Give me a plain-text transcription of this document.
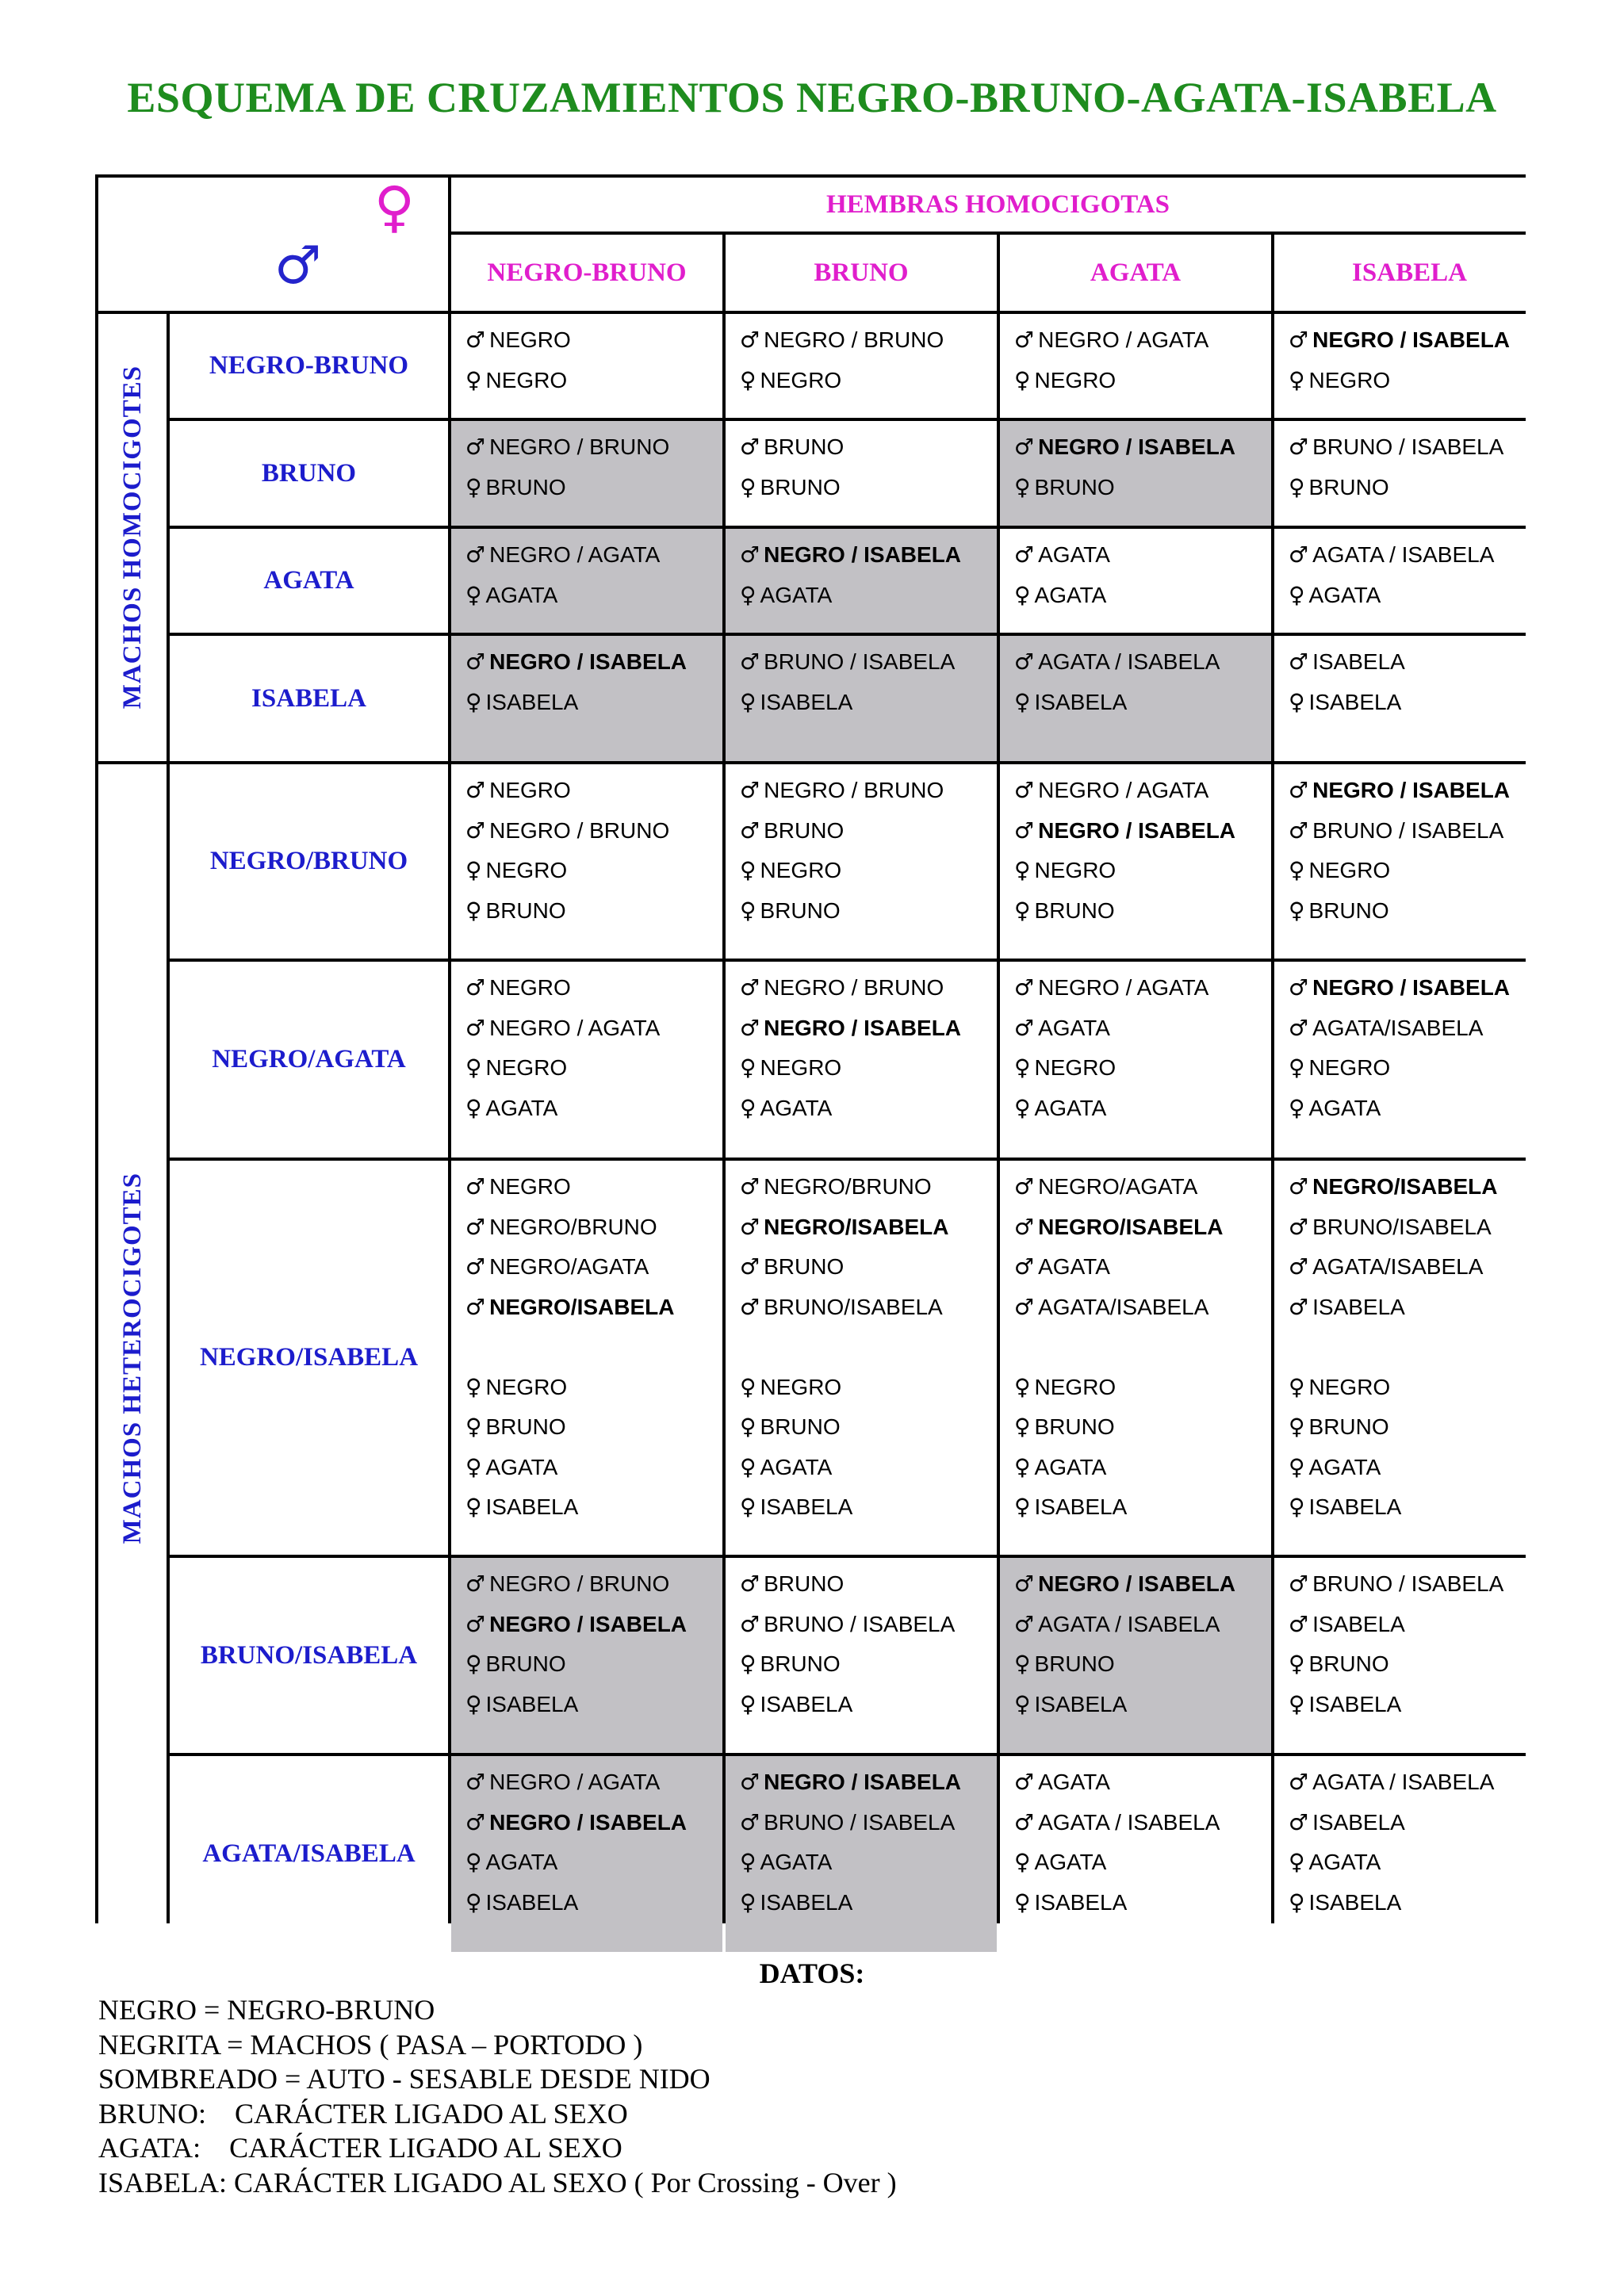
ESQUEMA DE CRUZAMIENTOS NEGRO-BRUNO-AGATA-ISABELA
♀
♂
HEMBRAS HOMOCIGOTAS
NEGRO-BRUNO	BRUNO	AGATA	ISABELA
MACHOS HOMOCIGOTES
MACHOS HETEROCIGOTES
NEGRO-BRUNO
♂ NEGRO
♀ NEGRO
♂ NEGRO / BRUNO
♀ NEGRO
♂ NEGRO / AGATA
♀ NEGRO
♂ NEGRO / ISABELA
♀ NEGRO
BRUNO
♂ NEGRO / BRUNO
♀ BRUNO
♂ BRUNO
♀ BRUNO
♂ NEGRO / ISABELA
♀ BRUNO
♂ BRUNO / ISABELA
♀ BRUNO
AGATA
♂ NEGRO / AGATA
♀ AGATA
♂ NEGRO / ISABELA
♀ AGATA
♂ AGATA
♀ AGATA
♂ AGATA / ISABELA
♀ AGATA
ISABELA
♂ NEGRO / ISABELA
♀ ISABELA
♂ BRUNO / ISABELA
♀ ISABELA
♂ AGATA / ISABELA
♀ ISABELA
♂ ISABELA
♀ ISABELA
NEGRO/BRUNO
♂ NEGRO
♂ NEGRO / BRUNO
♀ NEGRO
♀ BRUNO
♂ NEGRO / BRUNO
♂ BRUNO
♀ NEGRO
♀ BRUNO
♂ NEGRO / AGATA
♂ NEGRO / ISABELA
♀ NEGRO
♀ BRUNO
♂ NEGRO / ISABELA
♂ BRUNO / ISABELA
♀ NEGRO
♀ BRUNO
NEGRO/AGATA
♂ NEGRO
♂ NEGRO / AGATA
♀ NEGRO
♀ AGATA
♂ NEGRO / BRUNO
♂ NEGRO / ISABELA
♀ NEGRO
♀ AGATA
♂ NEGRO / AGATA
♂ AGATA
♀ NEGRO
♀ AGATA
♂ NEGRO / ISABELA
♂ AGATA/ISABELA
♀ NEGRO
♀ AGATA
NEGRO/ISABELA
♂ NEGRO
♂ NEGRO/BRUNO
♂ NEGRO/AGATA
♂ NEGRO/ISABELA
♀ NEGRO
♀ BRUNO
♀ AGATA
♀ ISABELA
♂ NEGRO/BRUNO
♂ NEGRO/ISABELA
♂ BRUNO
♂ BRUNO/ISABELA
♀ NEGRO
♀ BRUNO
♀ AGATA
♀ ISABELA
♂ NEGRO/AGATA
♂ NEGRO/ISABELA
♂ AGATA
♂ AGATA/ISABELA
♀ NEGRO
♀ BRUNO
♀ AGATA
♀ ISABELA
♂ NEGRO/ISABELA
♂ BRUNO/ISABELA
♂ AGATA/ISABELA
♂ ISABELA
♀ NEGRO
♀ BRUNO
♀ AGATA
♀ ISABELA
BRUNO/ISABELA
♂ NEGRO / BRUNO
♂ NEGRO / ISABELA
♀ BRUNO
♀ ISABELA
♂ BRUNO
♂ BRUNO / ISABELA
♀ BRUNO
♀ ISABELA
♂ NEGRO / ISABELA
♂ AGATA / ISABELA
♀ BRUNO
♀ ISABELA
♂ BRUNO / ISABELA
♂ ISABELA
♀ BRUNO
♀ ISABELA
AGATA/ISABELA
♂ NEGRO / AGATA
♂ NEGRO / ISABELA
♀ AGATA
♀ ISABELA
♂ NEGRO / ISABELA
♂ BRUNO / ISABELA
♀ AGATA
♀ ISABELA
♂ AGATA
♂ AGATA / ISABELA
♀ AGATA
♀ ISABELA
♂ AGATA / ISABELA
♂ ISABELA
♀ AGATA
♀ ISABELA
DATOS:
NEGRO = NEGRO-BRUNO
NEGRITA = MACHOS ( PASA – PORTODO )
SOMBREADO = AUTO - SESABLE DESDE NIDO
BRUNO:    CARÁCTER LIGADO AL SEXO
AGATA:    CARÁCTER LIGADO AL SEXO
ISABELA: CARÁCTER LIGADO AL SEXO ( Por Crossing - Over )
